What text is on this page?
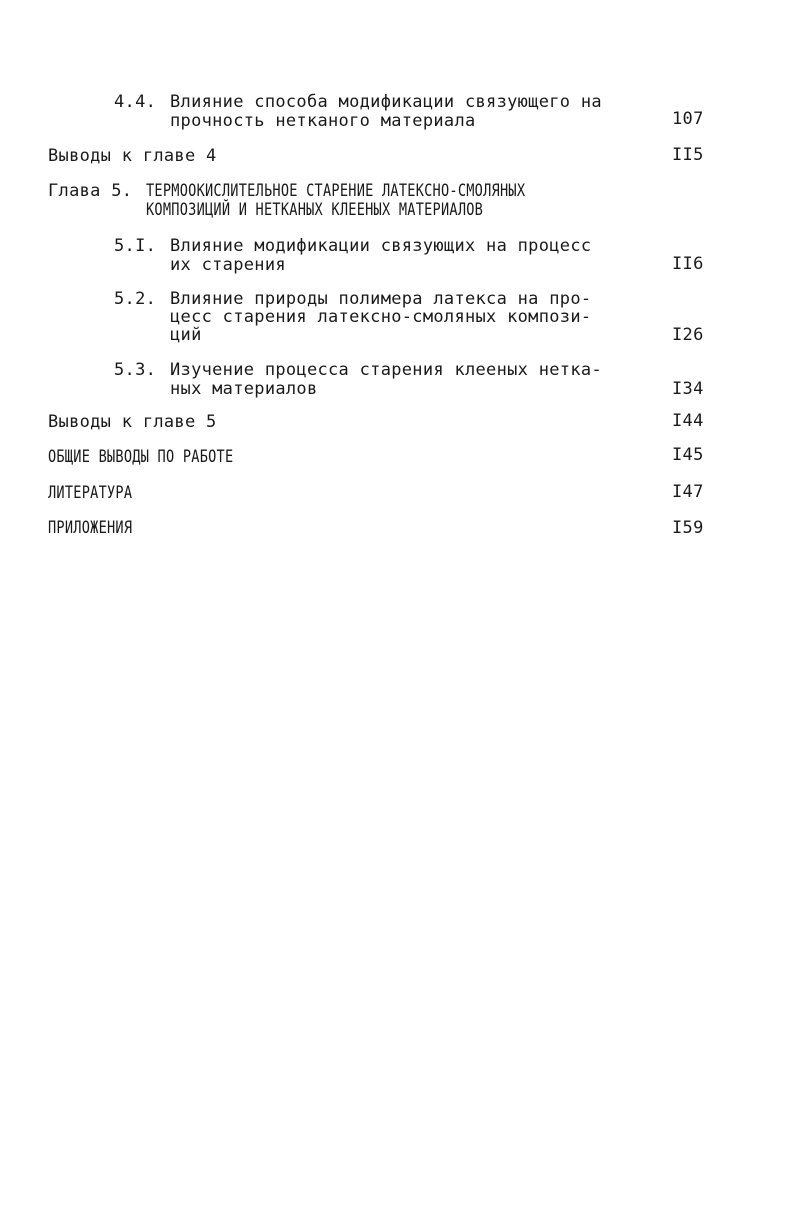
4.4. Влияние способа модификации связующего на
прочность нетканого материала	107
Выводы к главе 4	II5
Глава 5. ТЕРМООКИСЛИТЕЛЬНОЕ СТАРЕНИЕ ЛАТЕКСНО-СМОЛЯНЫХ
КОМПОЗИЦИЙ И НЕТКАНЫХ КЛЕЕНЫХ МАТЕРИАЛОВ
5.I. Влияние модификации связующих на процесс
их старения	II6
5.2. Влияние природы полимера латекса на про-
цесс старения латексно-смоляных компози-
ций	I26
5.3. Изучение процесса старения клееных нетка-
ных материалов	I34
Выводы к главе 5	I44
ОБЩИЕ ВЫВОДЫ ПО РАБОТЕ	I45
ЛИТЕРАТУРА	I47
ПРИЛОЖЕНИЯ	I59
